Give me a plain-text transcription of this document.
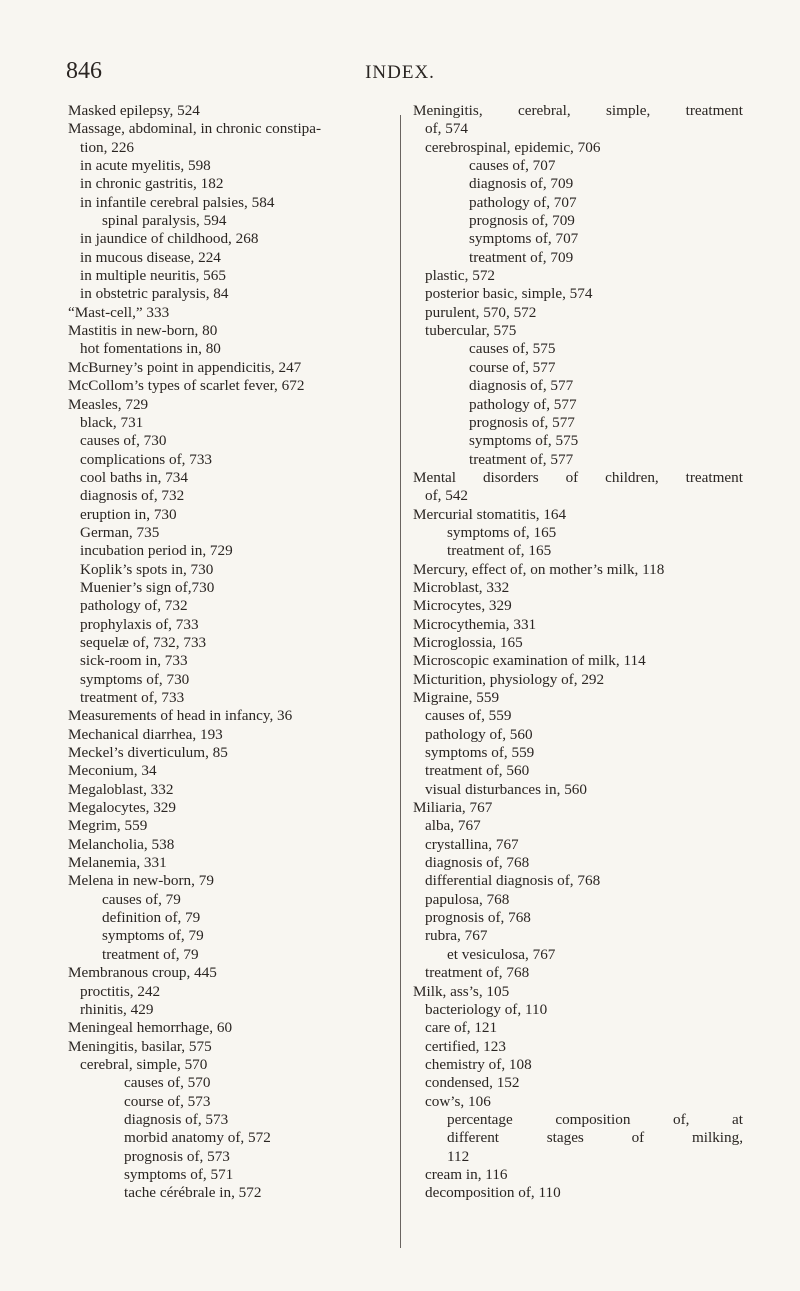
846	INDEX.
Masked epilepsy, 524
Massage, abdominal, in chronic constipa-
tion, 226
in acute myelitis, 598
in chronic gastritis, 182
in infantile cerebral palsies, 584
spinal paralysis, 594
in jaundice of childhood, 268
in mucous disease, 224
in multiple neuritis, 565
in obstetric paralysis, 84
“Mast-cell,” 333
Mastitis in new-born, 80
hot fomentations in, 80
McBurney’s point in appendicitis, 247
McCollom’s types of scarlet fever, 672
Measles, 729
black, 731
causes of, 730
complications of, 733
cool baths in, 734
diagnosis of, 732
eruption in, 730
German, 735
incubation period in, 729
Koplik’s spots in, 730
Muenier’s sign of,730
pathology of, 732
prophylaxis of, 733
sequelæ of, 732, 733
sick-room in, 733
symptoms of, 730
treatment of, 733
Measurements of head in infancy, 36
Mechanical diarrhea, 193
Meckel’s diverticulum, 85
Meconium, 34
Megaloblast, 332
Megalocytes, 329
Megrim, 559
Melancholia, 538
Melanemia, 331
Melena in new-born, 79
causes of, 79
definition of, 79
symptoms of, 79
treatment of, 79
Membranous croup, 445
proctitis, 242
rhinitis, 429
Meningeal hemorrhage, 60
Meningitis, basilar, 575
cerebral, simple, 570
causes of, 570
course of, 573
diagnosis of, 573
morbid anatomy of, 572
prognosis of, 573
symptoms of, 571
tache cérébrale in, 572
Meningitis, cerebral, simple, treatment
of, 574
cerebrospinal, epidemic, 706
causes of, 707
diagnosis of, 709
pathology of, 707
prognosis of, 709
symptoms of, 707
treatment of, 709
plastic, 572
posterior basic, simple, 574
purulent, 570, 572
tubercular, 575
causes of, 575
course of, 577
diagnosis of, 577
pathology of, 577
prognosis of, 577
symptoms of, 575
treatment of, 577
Mental disorders of children, treatment
of, 542
Mercurial stomatitis, 164
symptoms of, 165
treatment of, 165
Mercury, effect of, on mother’s milk, 118
Microblast, 332
Microcytes, 329
Microcythemia, 331
Microglossia, 165
Microscopic examination of milk, 114
Micturition, physiology of, 292
Migraine, 559
causes of, 559
pathology of, 560
symptoms of, 559
treatment of, 560
visual disturbances in, 560
Miliaria, 767
alba, 767
crystallina, 767
diagnosis of, 768
differential diagnosis of, 768
papulosa, 768
prognosis of, 768
rubra, 767
et vesiculosa, 767
treatment of, 768
Milk, ass’s, 105
bacteriology of, 110
care of, 121
certified, 123
chemistry of, 108
condensed, 152
cow’s, 106
percentage composition of, at
different stages of milking,
112
cream in, 116
decomposition of, 110
